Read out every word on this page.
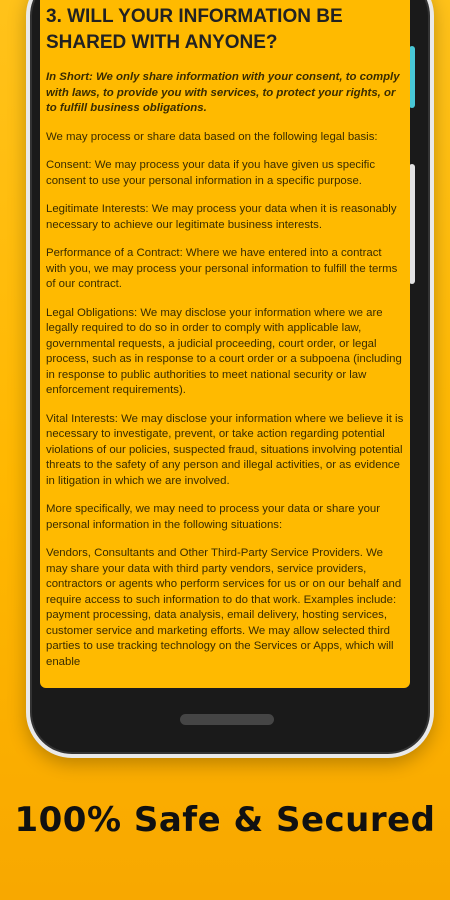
3. WILL YOUR INFORMATION BE SHARED WITH ANYONE?

In Short: We only share information with your consent, to comply with laws, to provide you with services, to protect your rights, or to fulfill business obligations.

We may process or share data based on the following legal basis:

Consent: We may process your data if you have given us specific consent to use your personal information in a specific purpose.

Legitimate Interests: We may process your data when it is reasonably necessary to achieve our legitimate business interests.

Performance of a Contract: Where we have entered into a contract with you, we may process your personal information to fulfill the terms of our contract.

Legal Obligations: We may disclose your information where we are legally required to do so in order to comply with applicable law, governmental requests, a judicial proceeding, court order, or legal process, such as in response to a court order or a subpoena (including in response to public authorities to meet national security or law enforcement requirements).

Vital Interests: We may disclose your information where we believe it is necessary to investigate, prevent, or take action regarding potential violations of our policies, suspected fraud, situations involving potential threats to the safety of any person and illegal activities, or as evidence in litigation in which we are involved.

More specifically, we may need to process your data or share your personal information in the following situations:

Vendors, Consultants and Other Third-Party Service Providers. We may share your data with third party vendors, service providers, contractors or agents who perform services for us or on our behalf and require access to such information to do that work. Examples include: payment processing, data analysis, email delivery, hosting services, customer service and marketing efforts. We may allow selected third parties to use tracking technology on the Services or Apps, which will enable

100% Safe & Secured
